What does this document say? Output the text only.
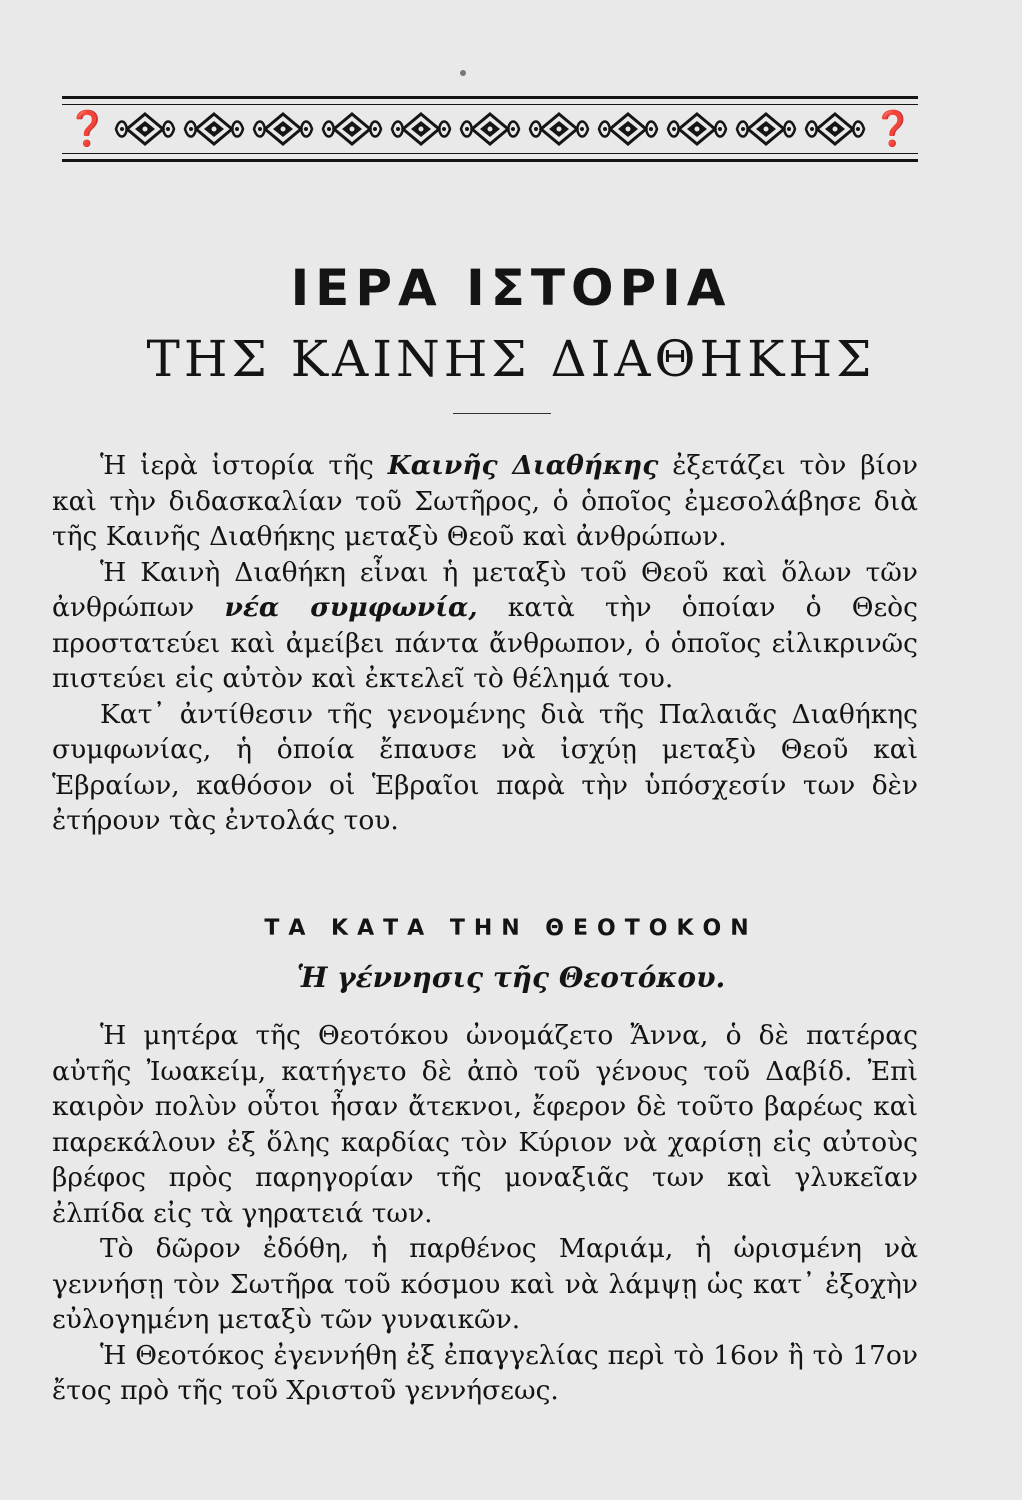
❓	❓
ΙΕΡΑ ΙΣΤΟΡΙΑ
ΤΗΣ ΚΑΙΝΗΣ ΔΙΑΘΗΚΗΣ

Ἡ ἱερὰ ἱστορία τῆς Καινῆς Διαθήκης ἐξετάζει τὸν βίον καὶ τὴν διδασκαλίαν τοῦ Σωτῆρος, ὁ ὁποῖος ἐμεσολάβησε διὰ τῆς Καινῆς Διαθήκης μεταξὺ Θεοῦ καὶ ἀνθρώπων.

Ἡ Καινὴ Διαθήκη εἶναι ἡ μεταξὺ τοῦ Θεοῦ καὶ ὅλων τῶν ἀνθρώπων νέα συμφωνία, κατὰ τὴν ὁποίαν ὁ Θεὸς προστατεύει καὶ ἀμείβει πάντα ἄνθρωπον, ὁ ὁποῖος εἰλικρινῶς πιστεύει εἰς αὐτὸν καὶ ἐκτελεῖ τὸ θέλημά του.

Κατ᾽ ἀντίθεσιν τῆς γενομένης διὰ τῆς Παλαιᾶς Διαθήκης συμφωνίας, ἡ ὁποία ἔπαυσε νὰ ἰσχύῃ μεταξὺ Θεοῦ καὶ Ἑβραίων, καθόσον οἱ Ἑβραῖοι παρὰ τὴν ὑπόσχεσίν των δὲν ἐτήρουν τὰς ἐντολάς του.

ΤΑ ΚΑΤΑ ΤΗΝ ΘΕΟΤΟΚΟΝ
Ἡ γέννησις τῆς Θεοτόκου.

Ἡ μητέρα τῆς Θεοτόκου ὠνομάζετο Ἄννα, ὁ δὲ πατέρας αὐτῆς Ἰωακείμ, κατήγετο δὲ ἀπὸ τοῦ γένους τοῦ Δαβίδ. Ἐπὶ καιρὸν πολὺν οὗτοι ἦσαν ἄτεκνοι, ἔφερον δὲ τοῦτο βαρέως καὶ παρεκάλουν ἐξ ὅλης καρδίας τὸν Κύριον νὰ χαρίσῃ εἰς αὐτοὺς βρέφος πρὸς παρηγορίαν τῆς μοναξιᾶς των καὶ γλυκεῖαν ἐλπίδα εἰς τὰ γηρατειά των.

Τὸ δῶρον ἐδόθη, ἡ παρθένος Μαριάμ, ἡ ὡρισμένη νὰ γεννήσῃ τὸν Σωτῆρα τοῦ κόσμου καὶ νὰ λάμψῃ ὡς κατ᾽ ἐξοχὴν εὐλογημένη μεταξὺ τῶν γυναικῶν.

Ἡ Θεοτόκος ἐγεννήθη ἐξ ἐπαγγελίας περὶ τὸ 16ον ἢ τὸ 17ον ἔτος πρὸ τῆς τοῦ Χριστοῦ γεννήσεως.
